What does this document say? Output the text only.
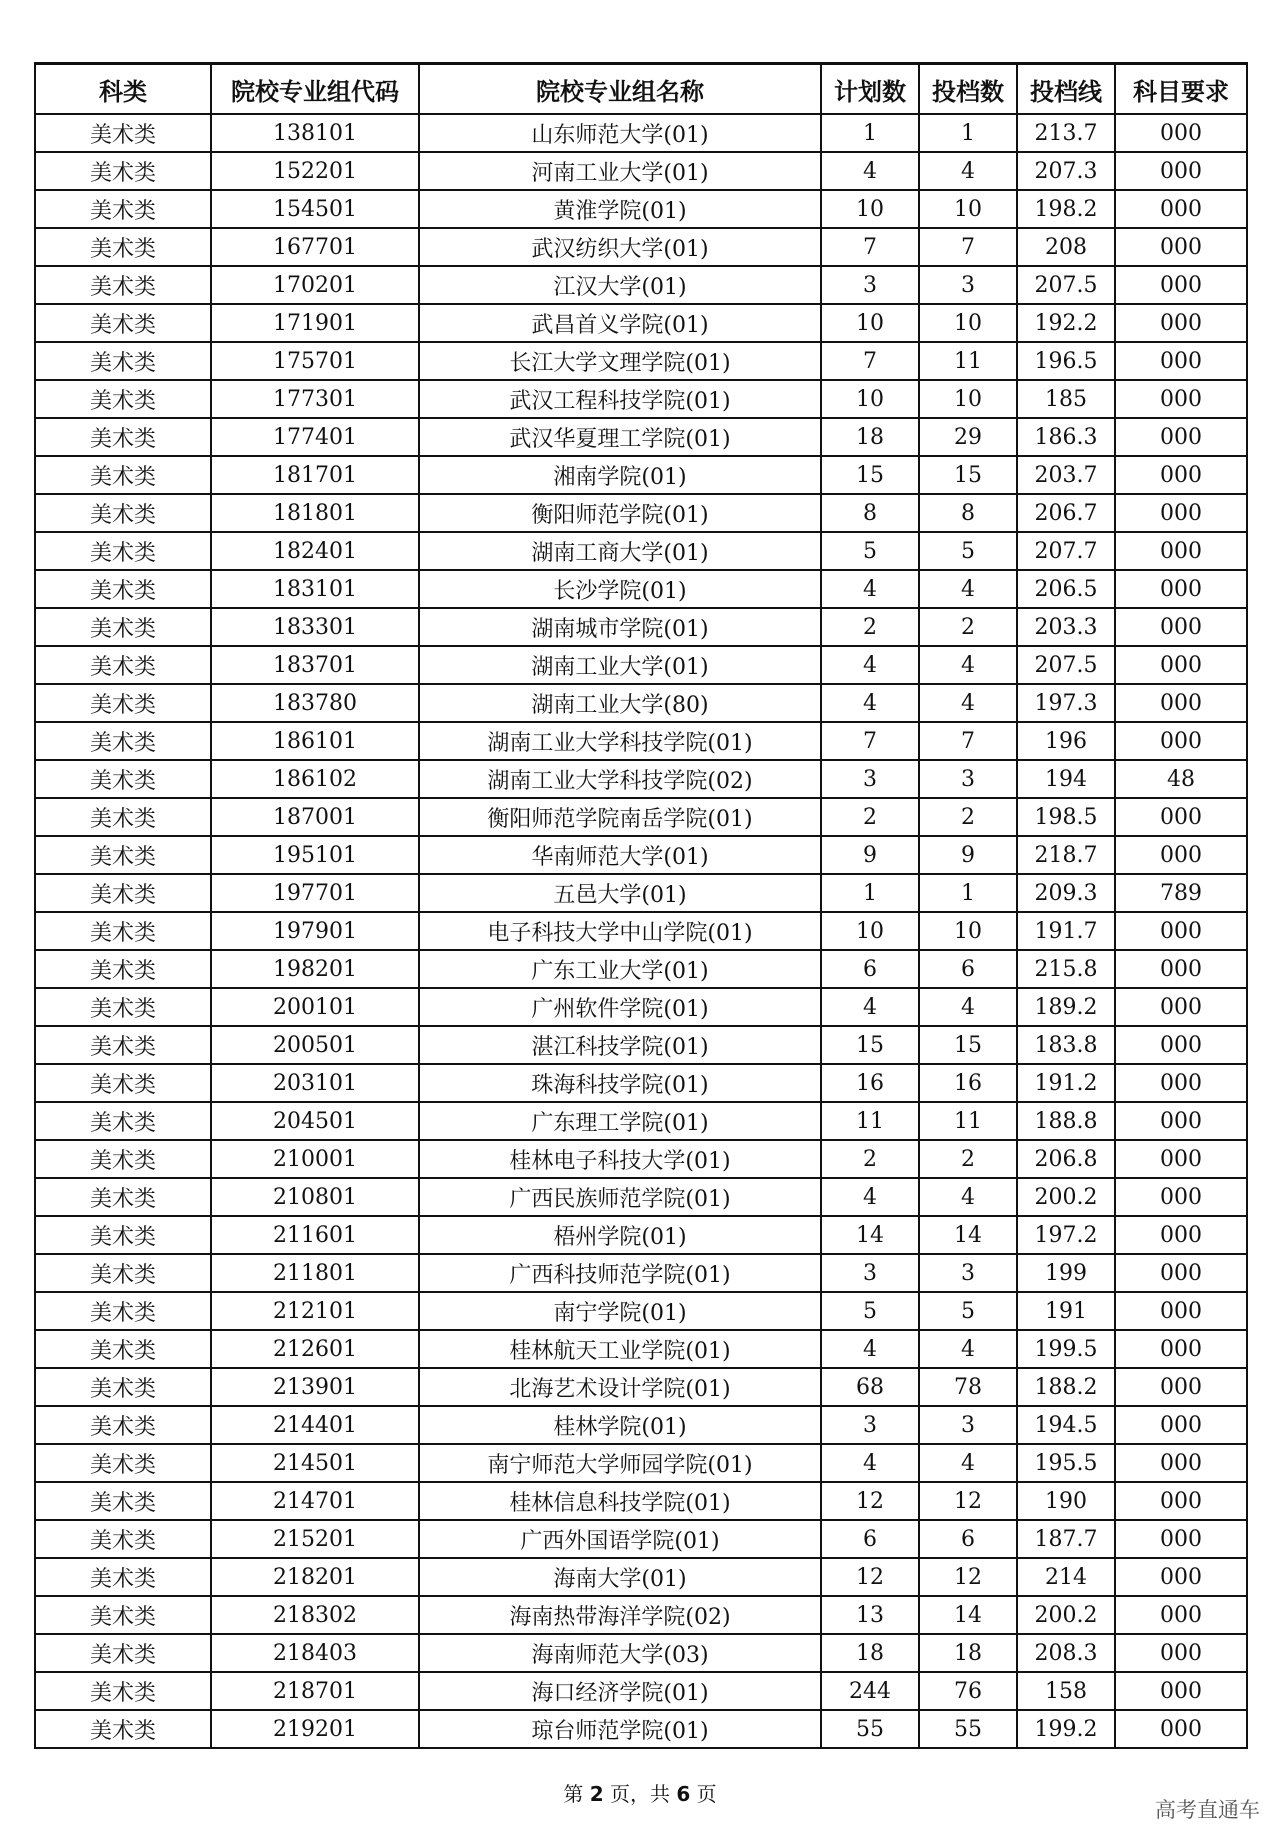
科类	院校专业组代码	院校专业组名称	计划数	投档数	投档线	科目要求
美术类	138101	山东师范大学(01)	1	1	213.7	000
美术类	152201	河南工业大学(01)	4	4	207.3	000
美术类	154501	黄淮学院(01)	10	10	198.2	000
美术类	167701	武汉纺织大学(01)	7	7	208	000
美术类	170201	江汉大学(01)	3	3	207.5	000
美术类	171901	武昌首义学院(01)	10	10	192.2	000
美术类	175701	长江大学文理学院(01)	7	11	196.5	000
美术类	177301	武汉工程科技学院(01)	10	10	185	000
美术类	177401	武汉华夏理工学院(01)	18	29	186.3	000
美术类	181701	湘南学院(01)	15	15	203.7	000
美术类	181801	衡阳师范学院(01)	8	8	206.7	000
美术类	182401	湖南工商大学(01)	5	5	207.7	000
美术类	183101	长沙学院(01)	4	4	206.5	000
美术类	183301	湖南城市学院(01)	2	2	203.3	000
美术类	183701	湖南工业大学(01)	4	4	207.5	000
美术类	183780	湖南工业大学(80)	4	4	197.3	000
美术类	186101	湖南工业大学科技学院(01)	7	7	196	000
美术类	186102	湖南工业大学科技学院(02)	3	3	194	48
美术类	187001	衡阳师范学院南岳学院(01)	2	2	198.5	000
美术类	195101	华南师范大学(01)	9	9	218.7	000
美术类	197701	五邑大学(01)	1	1	209.3	789
美术类	197901	电子科技大学中山学院(01)	10	10	191.7	000
美术类	198201	广东工业大学(01)	6	6	215.8	000
美术类	200101	广州软件学院(01)	4	4	189.2	000
美术类	200501	湛江科技学院(01)	15	15	183.8	000
美术类	203101	珠海科技学院(01)	16	16	191.2	000
美术类	204501	广东理工学院(01)	11	11	188.8	000
美术类	210001	桂林电子科技大学(01)	2	2	206.8	000
美术类	210801	广西民族师范学院(01)	4	4	200.2	000
美术类	211601	梧州学院(01)	14	14	197.2	000
美术类	211801	广西科技师范学院(01)	3	3	199	000
美术类	212101	南宁学院(01)	5	5	191	000
美术类	212601	桂林航天工业学院(01)	4	4	199.5	000
美术类	213901	北海艺术设计学院(01)	68	78	188.2	000
美术类	214401	桂林学院(01)	3	3	194.5	000
美术类	214501	南宁师范大学师园学院(01)	4	4	195.5	000
美术类	214701	桂林信息科技学院(01)	12	12	190	000
美术类	215201	广西外国语学院(01)	6	6	187.7	000
美术类	218201	海南大学(01)	12	12	214	000
美术类	218302	海南热带海洋学院(02)	13	14	200.2	000
美术类	218403	海南师范大学(03)	18	18	208.3	000
美术类	218701	海口经济学院(01)	244	76	158	000
美术类	219201	琼台师范学院(01)	55	55	199.2	000
第 2 页，共 6 页
高考直通车
